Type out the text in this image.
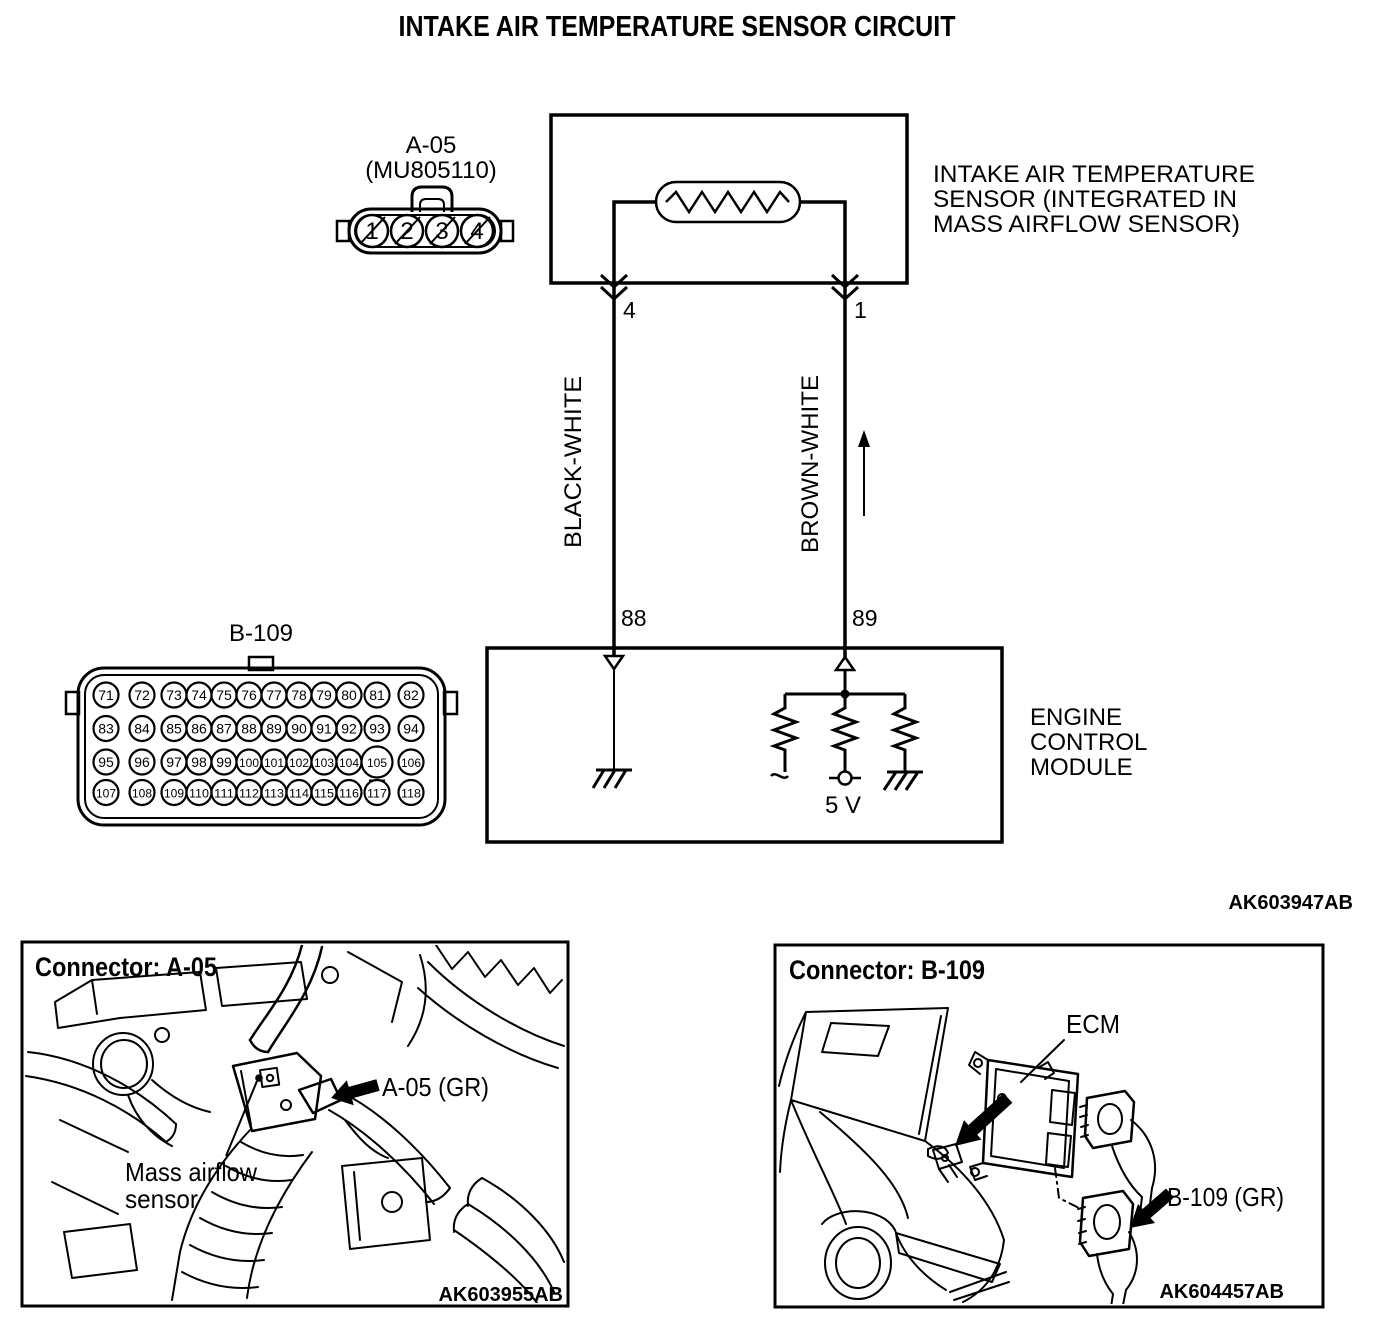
INTAKE AIR TEMPERATURE SENSOR CIRCUIT
INTAKE AIR TEMPERATURE
SENSOR (INTEGRATED IN
MASS AIRFLOW SENSOR)
4	1
88	89
BLACK-WHITE	BROWN-WHITE
5 V
ENGINE
CONTROL
MODULE
A-05
(MU805110)
1 2 3 4
B-109
71 72 73 74 75 76 77 78 79 80 81 82
83 84 85 86 87 88 89 90 91 92 93 94
95 96 97 98 99 100 101 102 103 104 105 106
107 108 109 110 111 112 113 114 115 116 117 118
AK603947AB
Connector: A-05
A-05 (GR)
Mass airflow
sensor
AK603955AB
Connector: B-109
ECM
B-109 (GR)
AK604457AB
